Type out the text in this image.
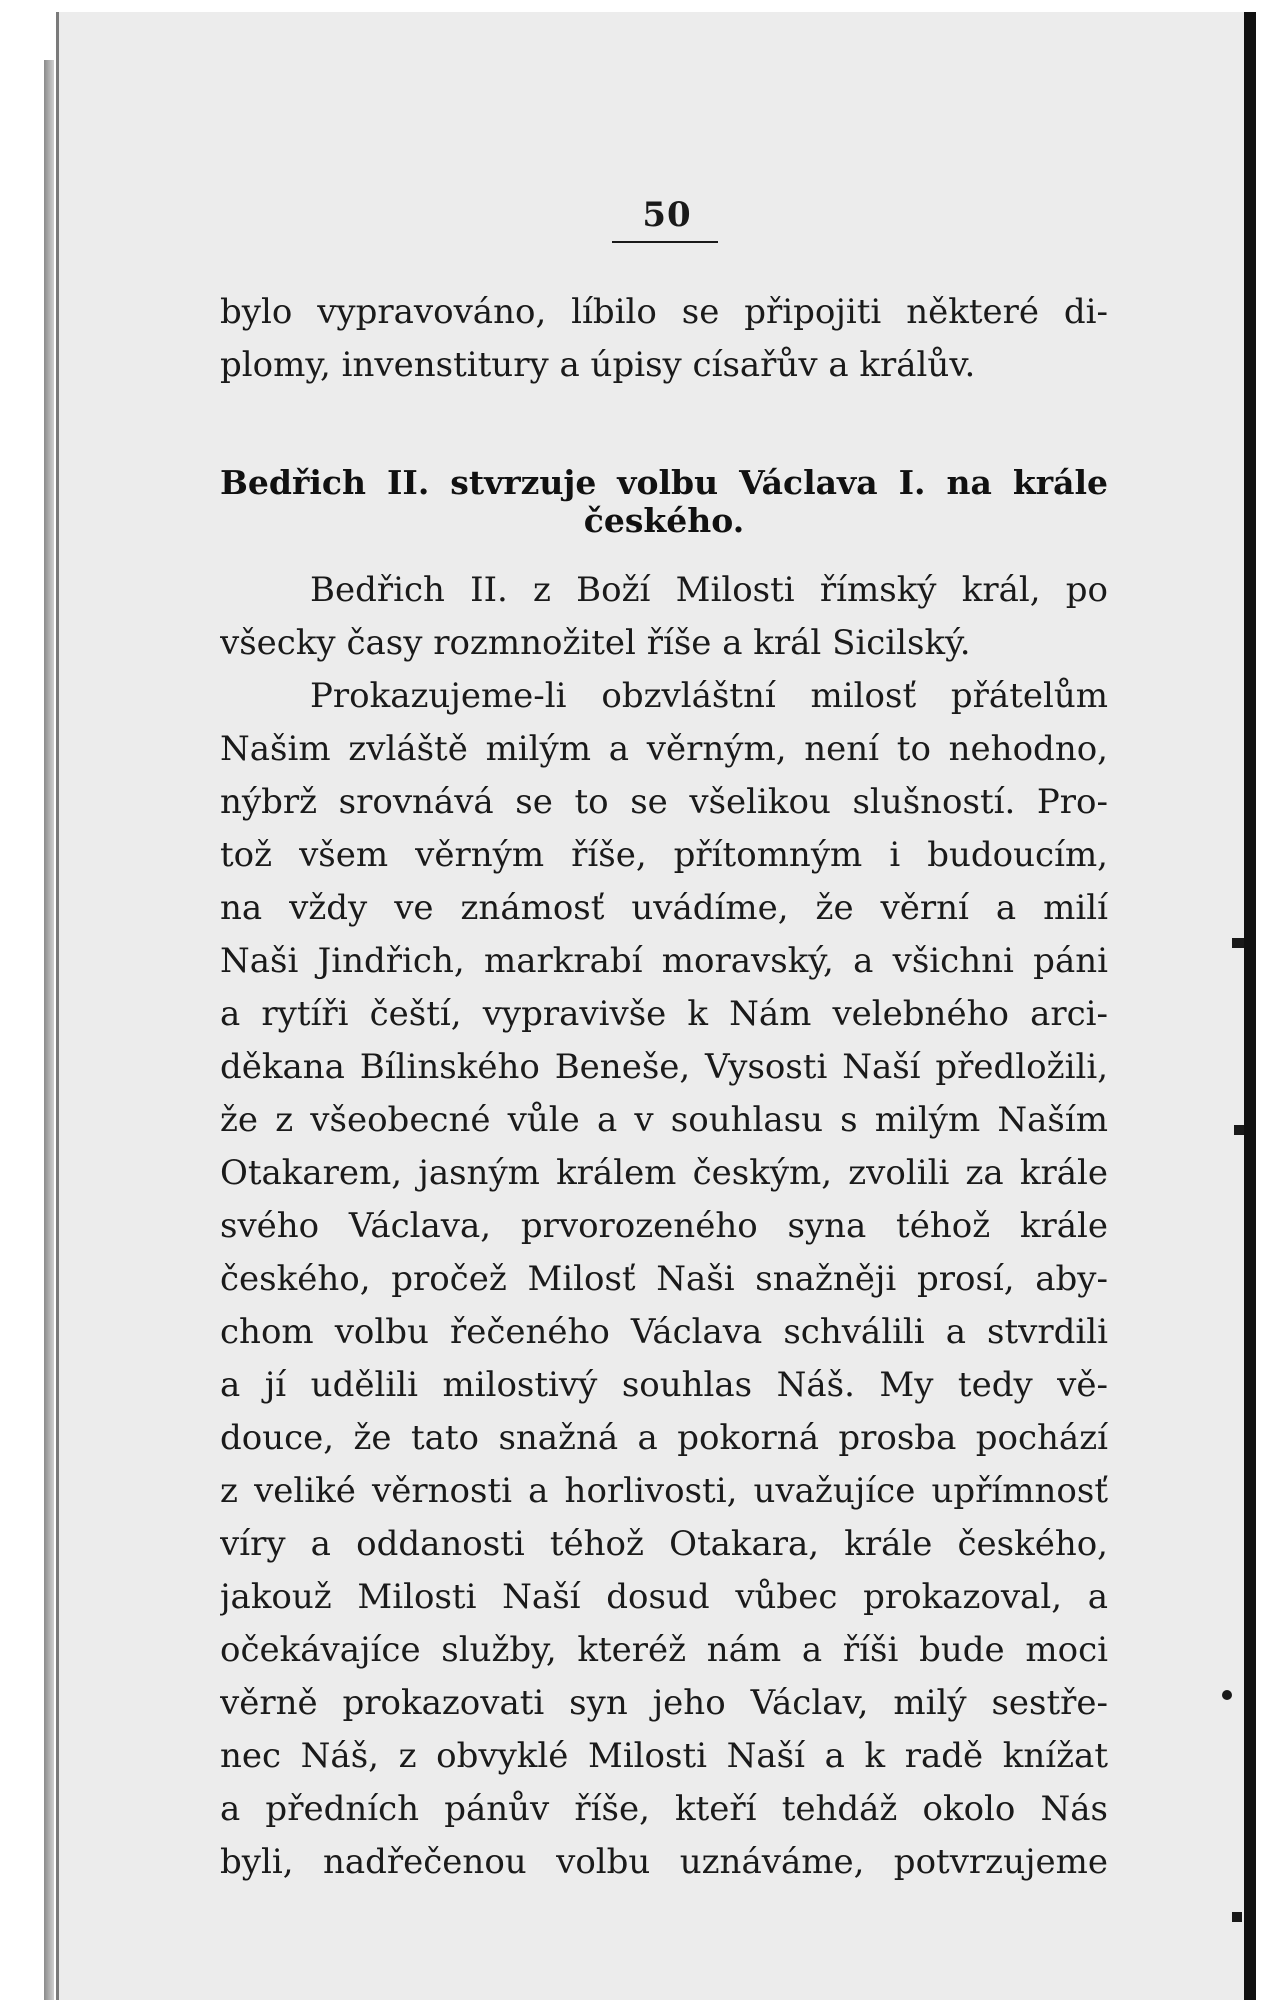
50
bylo vypravováno, líbilo se připojiti některé di-
plomy, invenstitury a úpisy císařův a králův.
Bedřich II. stvrzuje volbu Václava I. na krále
českého.
Bedřich II. z Boží Milosti římský král, po
všecky časy rozmnožitel říše a král Sicilský.
Prokazujeme-li obzvláštní milosť přátelům
Našim zvláště milým a věrným, není to nehodno,
nýbrž srovnává se to se všelikou slušností. Pro-
tož všem věrným říše, přítomným i budoucím,
na vždy ve známosť uvádíme, že věrní a milí
Naši Jindřich, markrabí moravský, a všichni páni
a rytíři čeští, vypravivše k Nám velebného arci-
děkana Bílinského Beneše, Vysosti Naší předložili,
že z všeobecné vůle a v souhlasu s milým Naším
Otakarem, jasným králem českým, zvolili za krále
svého Václava, prvorozeného syna téhož krále
českého, pročež Milosť Naši snažněji prosí, aby-
chom volbu řečeného Václava schválili a stvrdili
a jí udělili milostivý souhlas Náš. My tedy vě-
douce, že tato snažná a pokorná prosba pochází
z veliké věrnosti a horlivosti, uvažujíce upřímnosť
víry a oddanosti téhož Otakara, krále českého,
jakouž Milosti Naší dosud vůbec prokazoval, a
očekávajíce služby, kteréž nám a říši bude moci
věrně prokazovati syn jeho Václav, milý sestře-
nec Náš, z obvyklé Milosti Naší a k radě knížat
a předních pánův říše, kteří tehdáž okolo Nás
byli, nadřečenou volbu uznáváme, potvrzujeme
